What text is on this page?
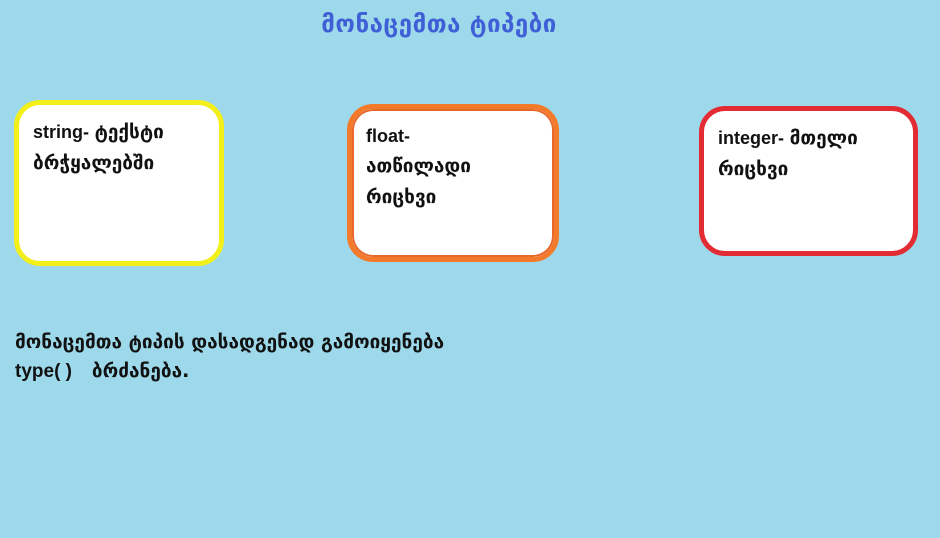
მონაცემთა ტიპები
string- ტექსტი ბრჭყალებში
float-
ათწილადი რიცხვი
integer- მთელი რიცხვი
მონაცემთა ტიპის დასადგენად გამოიყენება
type( ) ბრძანება.
